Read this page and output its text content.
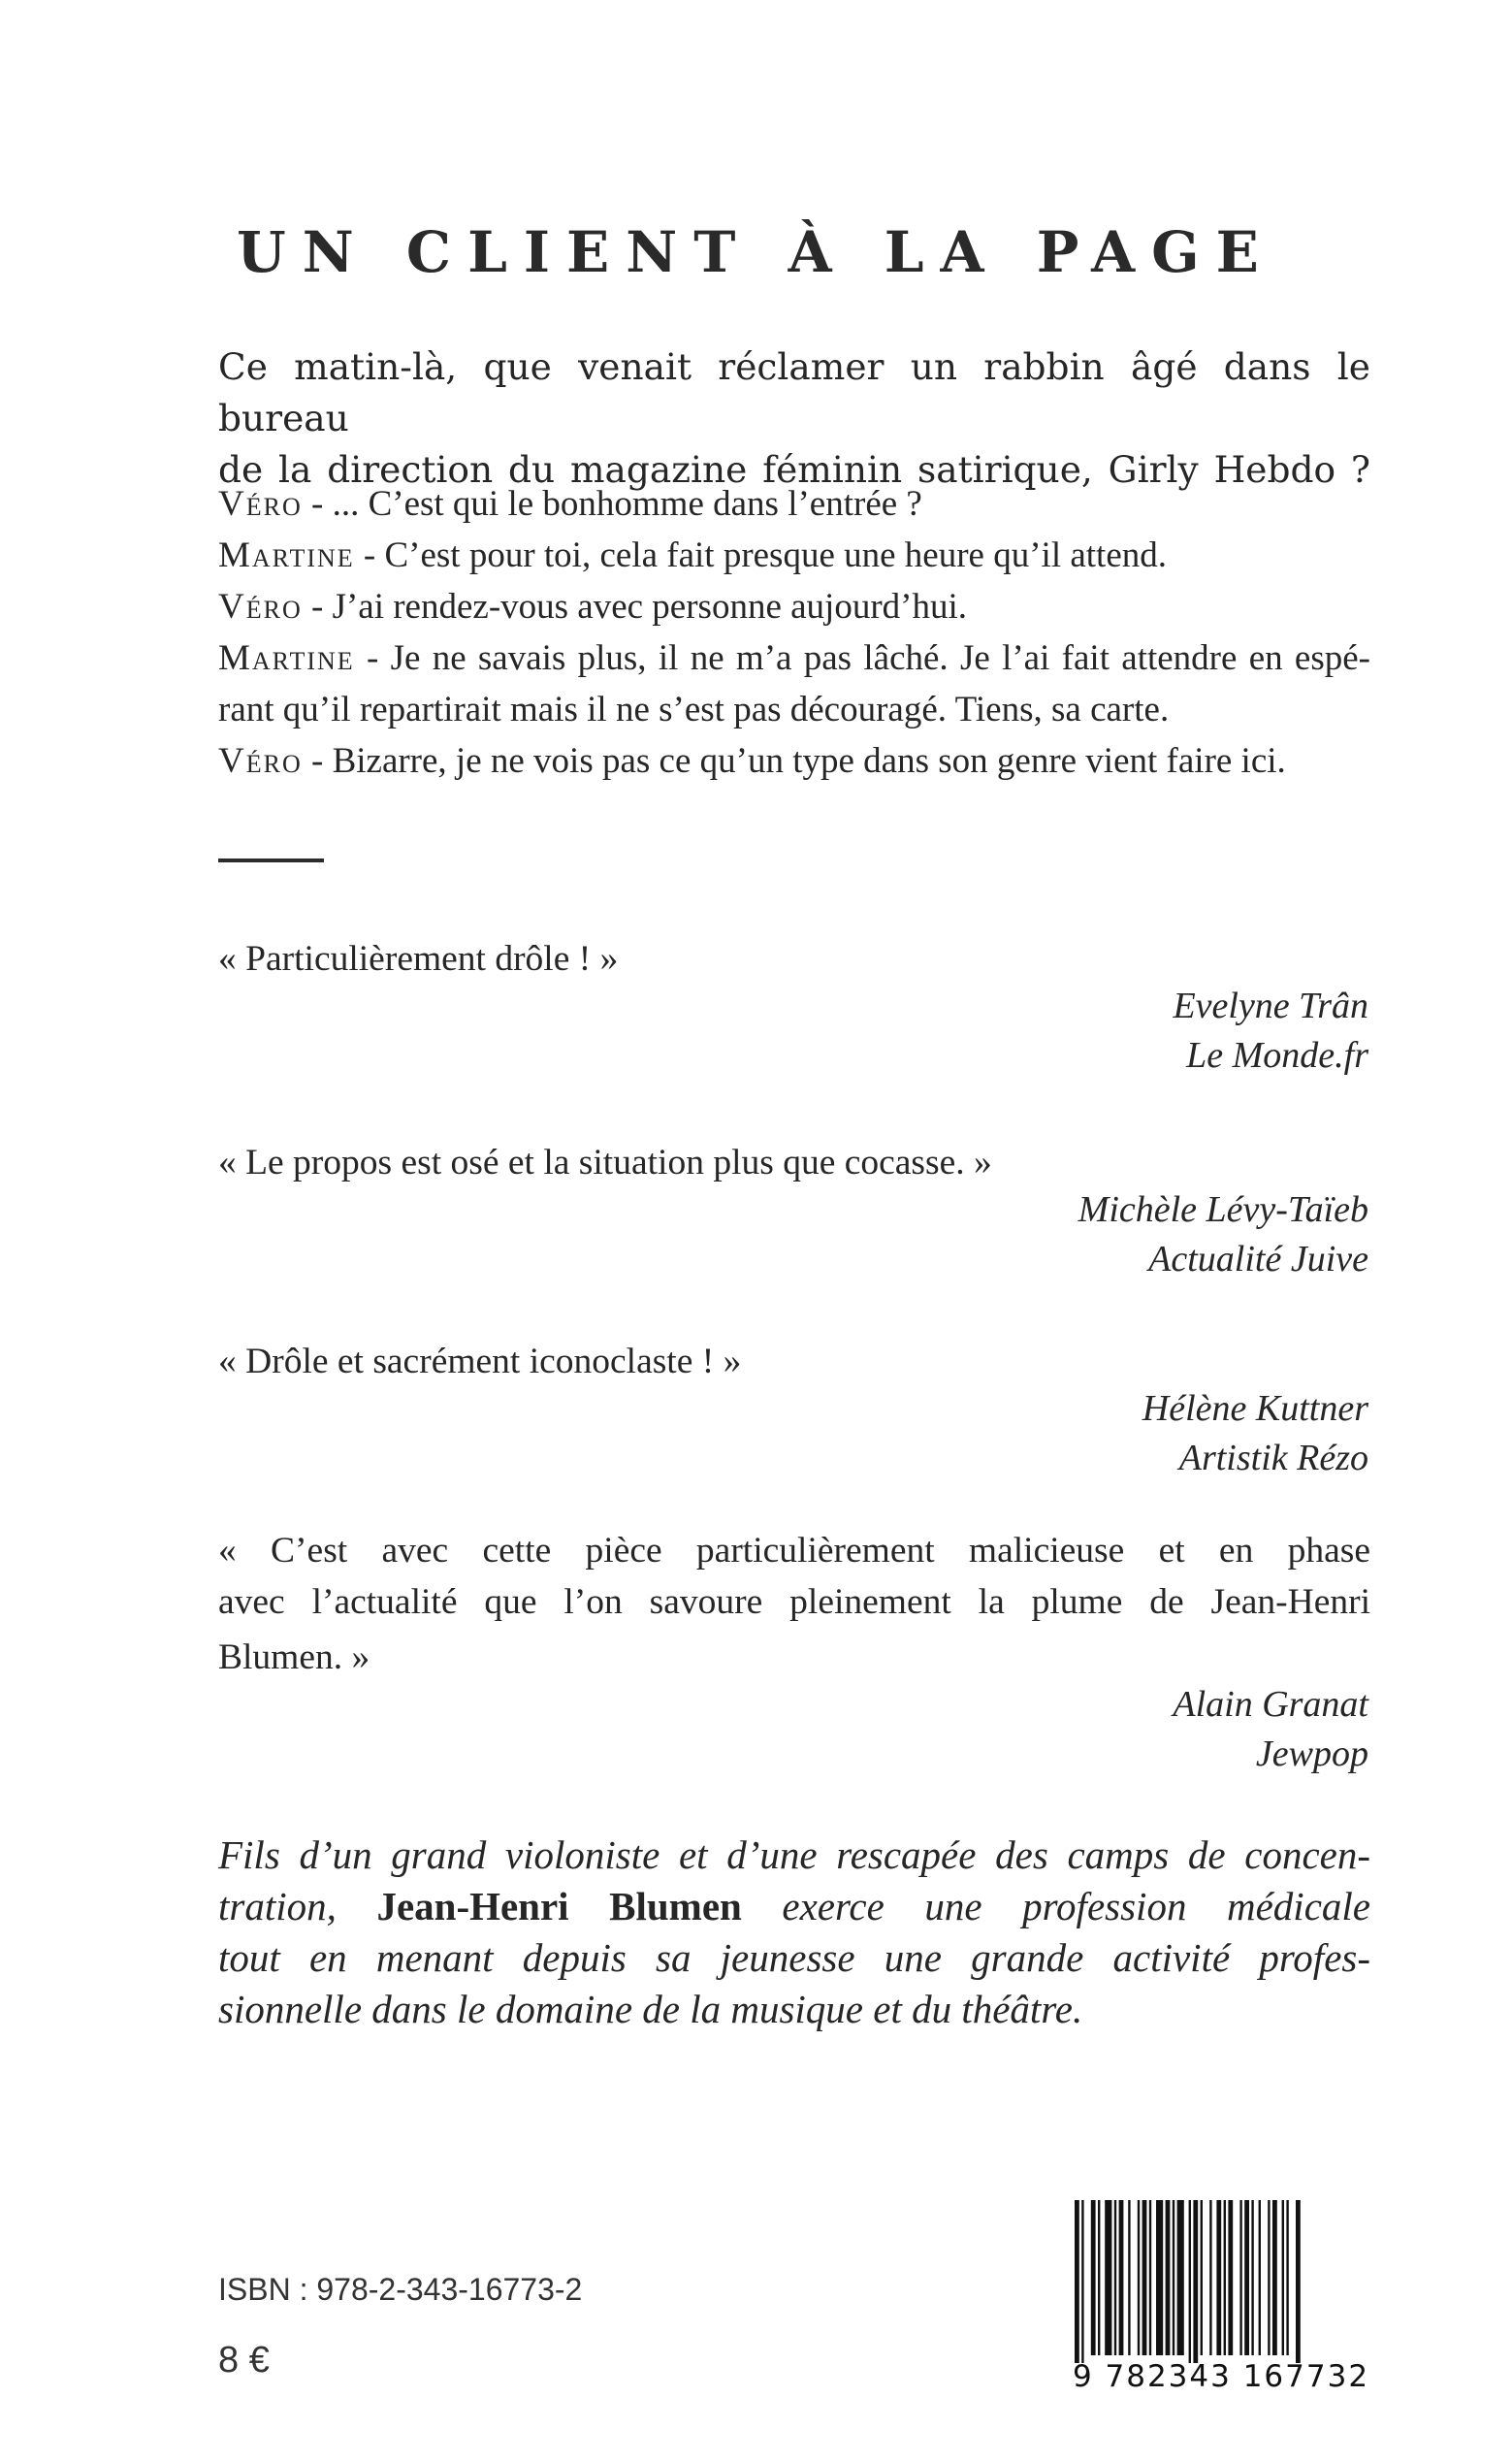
UN CLIENT À LA PAGE
Ce matin-là, que venait réclamer un rabbin âgé dans le bureau
de la direction du magazine féminin satirique, Girly Hebdo ?

Véro - ... C’est qui le bonhomme dans l’entrée ?

Martine - C’est pour toi, cela fait presque une heure qu’il attend.

Véro - J’ai rendez-vous avec personne aujourd’hui.

Martine - Je ne savais plus, il ne m’a pas lâché. Je l’ai fait attendre en espé-

rant qu’il repartirait mais il ne s’est pas découragé. Tiens, sa carte.

Véro - Bizarre, je ne vois pas ce qu’un type dans son genre vient faire ici.

« Particulièrement drôle ! »
Evelyne Trân
Le Monde.fr
« Le propos est osé et la situation plus que cocasse. »
Michèle Lévy-Taïeb
Actualité Juive
« Drôle et sacrément iconoclaste ! »
Hélène Kuttner
Artistik Rézo
« C’est avec cette pièce particulièrement malicieuse et en phase
avec l’actualité que l’on savoure pleinement la plume de Jean-Henri
Blumen. »
Alain Granat
Jewpop

Fils d’un grand violoniste et d’une rescapée des camps de concen-

tration, Jean-Henri Blumen exerce une profession médicale

tout en menant depuis sa jeunesse une grande activité profes-

sionnelle dans le domaine de la musique et du théâtre.

ISBN : 978-2-343-16773-2
8 €	9 782343 167732
